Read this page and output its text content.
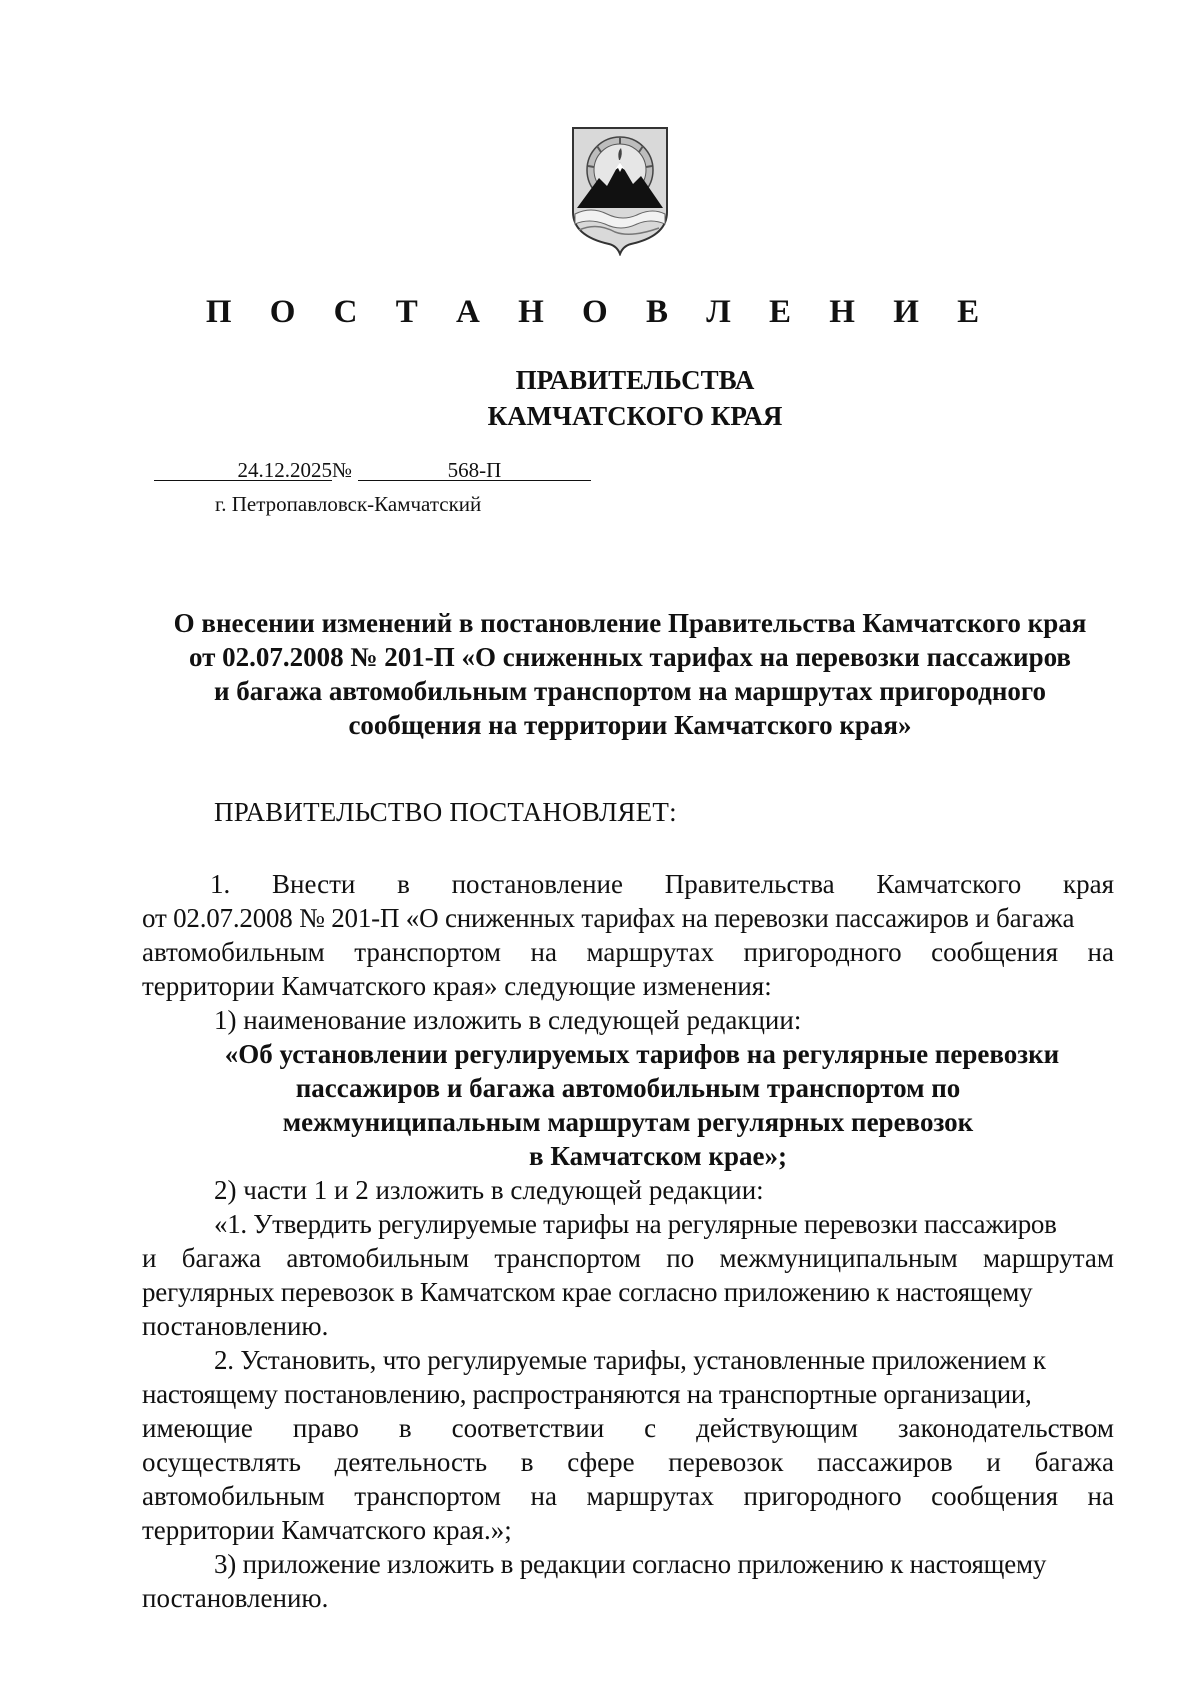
П О С Т А Н О В Л Е Н И Е
ПРАВИТЕЛЬСТВА
КАМЧАТСКОГО КРАЯ
24.12.2025№	568-П
г. Петропавловск-Камчатский
О внесении изменений в постановление Правительства Камчатского края
от 02.07.2008 № 201-П «О сниженных тарифах на перевозки пассажиров
и багажа автомобильным транспортом на маршрутах пригородного
сообщения на территории Камчатского края»
ПРАВИТЕЛЬСТВО ПОСТАНОВЛЯЕТ:
1. Внести в постановление Правительства Камчатского края
от 02.07.2008 № 201-П «О сниженных тарифах на перевозки пассажиров и багажа
автомобильным транспортом на маршрутах пригородного сообщения на
территории Камчатского края» следующие изменения:
1) наименование изложить в следующей редакции:
«Об установлении регулируемых тарифов на регулярные перевозки
пассажиров и багажа автомобильным транспортом по
межмуниципальным маршрутам регулярных перевозок
в Камчатском крае»;
2) части 1 и 2 изложить в следующей редакции:
«1. Утвердить регулируемые тарифы на регулярные перевозки пассажиров
и багажа автомобильным транспортом по межмуниципальным маршрутам
регулярных перевозок в Камчатском крае согласно приложению к настоящему
постановлению.
2. Установить, что регулируемые тарифы, установленные приложением к
настоящему постановлению, распространяются на транспортные организации,
имеющие право в соответствии с действующим законодательством
осуществлять деятельность в сфере перевозок пассажиров и багажа
автомобильным транспортом на маршрутах пригородного сообщения на
территории Камчатского края.»;
3) приложение изложить в редакции согласно приложению к настоящему
постановлению.
